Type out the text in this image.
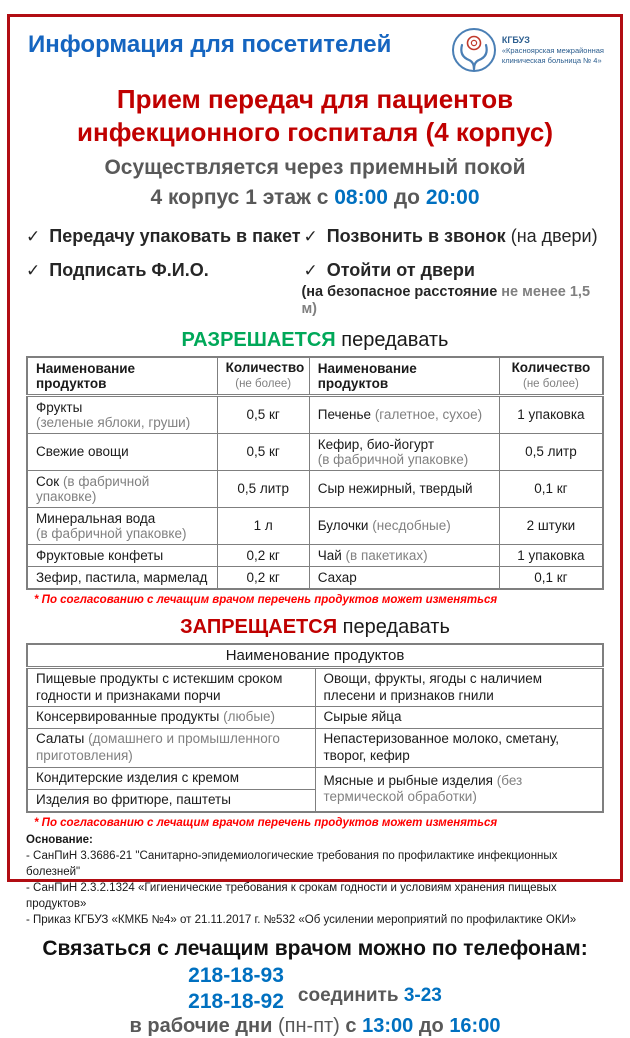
Информация для посетителей	КГБУЗ
«Красноярская межрайонная
клиническая больница № 4»
Прием передач для пациентов инфекционного госпиталя (4 корпус)
Осуществляется через приемный покой
4 корпус 1 этаж с 08:00 до 20:00
✓ Передачу упаковать в пакет ✓ Позвонить в звонок (на двери)
✓ Подписать Ф.И.О.	✓ Отойти от двери
(на безопасное расстояние не менее 1,5 м)
РАЗРЕШАЕТСЯ передавать
Наименование продуктов	Количество
(не более)	Наименование продуктов	Количество
(не более)
Фрукты
(зеленые яблоки, груши)	0,5 кг	Печенье (галетное, сухое)	1 упаковка
Свежие овощи	0,5 кг	Кефир, био-йогурт
(в фабричной упаковке)	0,5 литр
Сок (в фабричной упаковке)	0,5 литр	Сыр нежирный, твердый	0,1 кг
Минеральная вода
(в фабричной упаковке)	1 л	Булочки (несдобные)	2 штуки
Фруктовые конфеты	0,2 кг	Чай (в пакетиках)	1 упаковка
Зефир, пастила, мармелад	0,2 кг	Сахар	0,1 кг
* По согласованию с лечащим врачом перечень продуктов может изменяться
ЗАПРЕЩАЕТСЯ передавать
Наименование продуктов	
Пищевые продукты с истекшим сроком годности и признаками порчи	Овощи, фрукты, ягоды с наличием плесени и признаков гнили
Консервированные продукты (любые)	Сырые яйца
Салаты (домашнего и промышленного приготовления)	Непастеризованное молоко, сметану, творог, кефир
Кондитерские изделия с кремом	Мясные и рыбные изделия (без термической обработки)
Изделия во фритюре, паштеты	
* По согласованию с лечащим врачом перечень продуктов может изменяться
Основание:
- СанПиН 3.3686-21 "Санитарно-эпидемиологические требования по профилактике инфекционных болезней"
- СанПиН 2.3.2.1324 «Гигиенические требования к срокам годности и условиям хранения пищевых продуктов»
- Приказ КГБУЗ «КМКБ №4» от 21.11.2017 г. №532 «Об усилении мероприятий по профилактике ОКИ»
Связаться с лечащим врачом можно по телефонам:
218-18-93
218-18-92 соединить 3-23
в рабочие дни (пн-пт) с 13:00 до 16:00
